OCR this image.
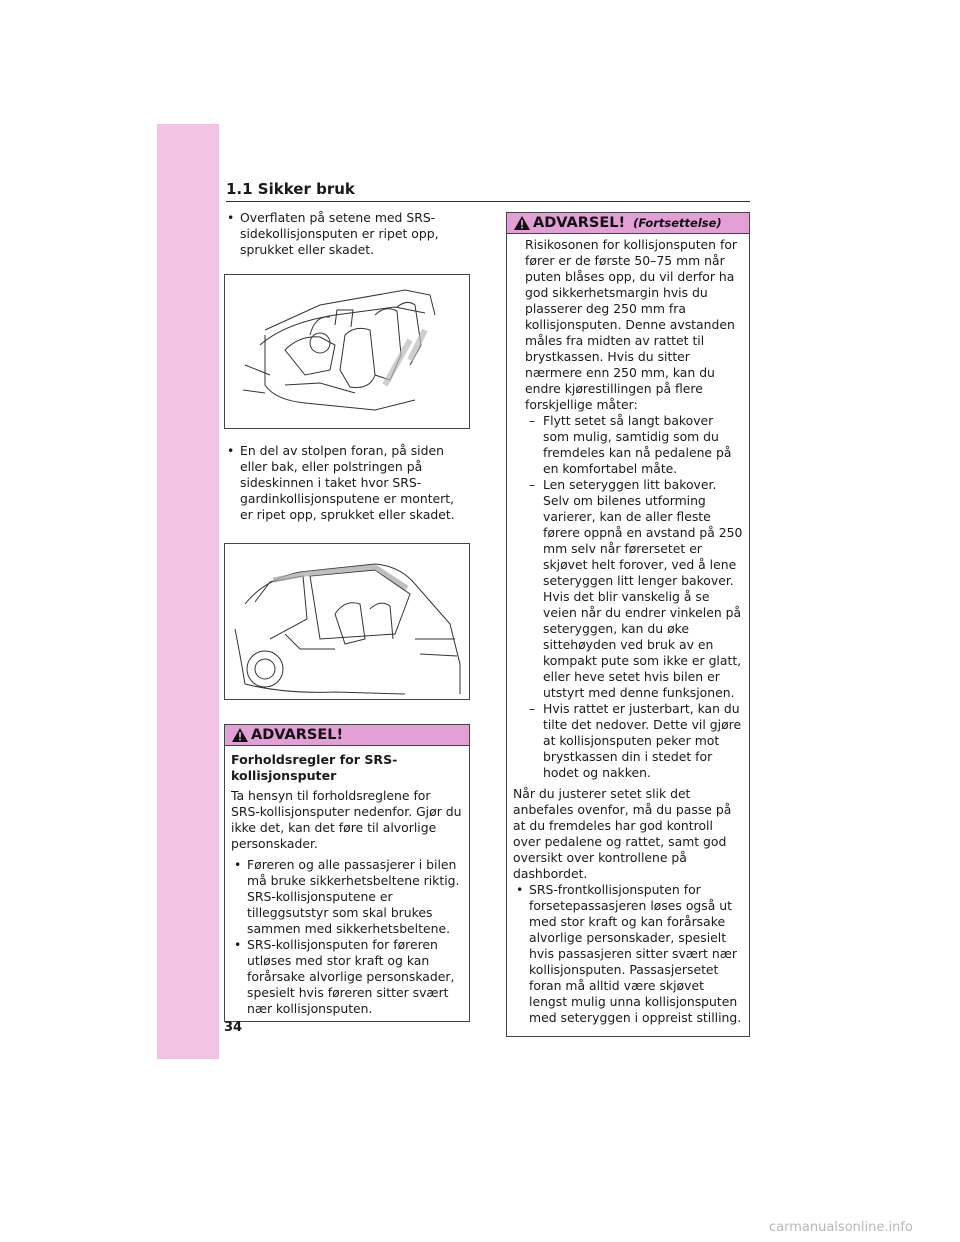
1.1 Sikker bruk
• Overflaten på setene med SRS-sidekollisjonsputen er ripet opp, sprukket eller skadet.
• En del av stolpen foran, på siden eller bak, eller polstringen på sideskinnen i taket hvor SRS-gardinkollisjonsputene er montert, er ripet opp, sprukket eller skadet.
ADVARSEL!

Forholdsregler for SRS-kollisjonsputer

Ta hensyn til forholdsreglene for SRS-kollisjonsputer nedenfor. Gjør du ikke det, kan det føre til alvorlige personskader.

• Føreren og alle passasjerer i bilen må bruke sikkerhetsbeltene riktig. SRS-kollisjonsputene er tilleggsutstyr som skal brukes sammen med sikkerhetsbeltene.
• SRS-kollisjonsputen for føreren utløses med stor kraft og kan forårsake alvorlige personskader, spesielt hvis føreren sitter svært nær kollisjonsputen.
ADVARSEL! (Fortsettelse)

Risikosonen for kollisjonsputen for fører er de første 50–75 mm når puten blåses opp, du vil derfor ha god sikkerhetsmargin hvis du plasserer deg 250 mm fra kollisjonsputen. Denne avstanden måles fra midten av rattet til brystkassen. Hvis du sitter nærmere enn 250 mm, kan du endre kjørestillingen på flere forskjellige måter:

– Flytt setet så langt bakover som mulig, samtidig som du fremdeles kan nå pedalene på en komfortabel måte.
– Len seteryggen litt bakover. Selv om bilenes utforming varierer, kan de aller fleste førere oppnå en avstand på 250 mm selv når førersetet er skjøvet helt forover, ved å lene seteryggen litt lenger bakover. Hvis det blir vanskelig å se veien når du endrer vinkelen på seteryggen, kan du øke sittehøyden ved bruk av en kompakt pute som ikke er glatt, eller heve setet hvis bilen er utstyrt med denne funksjonen.
– Hvis rattet er justerbart, kan du tilte det nedover. Dette vil gjøre at kollisjonsputen peker mot brystkassen din i stedet for hodet og nakken.

Når du justerer setet slik det anbefales ovenfor, må du passe på at du fremdeles har god kontroll over pedalene og rattet, samt god oversikt over kontrollene på dashbordet.

• SRS-frontkollisjonsputen for forsetepassasjeren løses også ut med stor kraft og kan forårsake alvorlige personskader, spesielt hvis passasjeren sitter svært nær kollisjonsputen. Passasjersetet foran må alltid være skjøvet lengst mulig unna kollisjonsputen med seteryggen i oppreist stilling.
34
carmanualsonline.info
